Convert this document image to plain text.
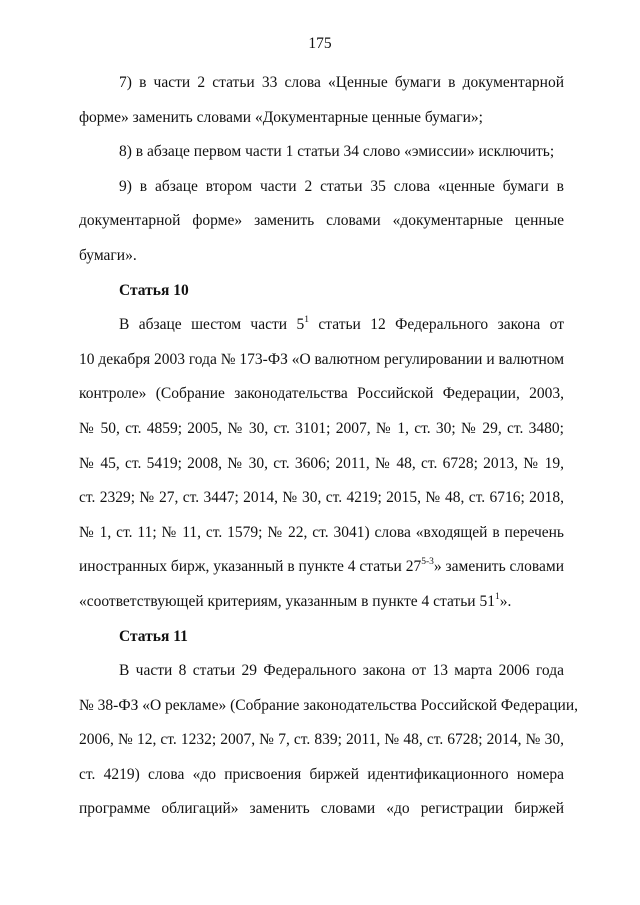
175
7) в части 2 статьи 33 слова «Ценные бумаги в документарной
форме» заменить словами «Документарные ценные бумаги»;
8) в абзаце первом части 1 статьи 34 слово «эмиссии» исключить;
9) в абзаце втором части 2 статьи 35 слова «ценные бумаги в
документарной форме» заменить словами «документарные ценные
бумаги».
Статья 10
В абзаце шестом части $5^1$ статьи 12 Федерального закона от
10 декабря 2003 года № 173-ФЗ «О валютном регулировании и валютном
контроле» (Собрание законодательства Российской Федерации, 2003,
№ 50, ст. 4859; 2005, № 30, ст. 3101; 2007, № 1, ст. 30; № 29, ст. 3480;
№ 45, ст. 5419; 2008, № 30, ст. 3606; 2011, № 48, ст. 6728; 2013, № 19,
ст. 2329; № 27, ст. 3447; 2014, № 30, ст. 4219; 2015, № 48, ст. 6716; 2018,
№ 1, ст. 11; № 11, ст. 1579; № 22, ст. 3041) слова «входящей в перечень
иностранных бирж, указанный в пункте 4 статьи 27$^{5-3}$» заменить словами
«соответствующей критериям, указанным в пункте 4 статьи $51^1$».
Статья 11
В части 8 статьи 29 Федерального закона от 13 марта 2006 года
№ 38-ФЗ «О рекламе» (Собрание законодательства Российской Федерации,
2006, № 12, ст. 1232; 2007, № 7, ст. 839; 2011, № 48, ст. 6728; 2014, № 30,
ст. 4219) слова «до присвоения биржей идентификационного номера
программе облигаций» заменить словами «до регистрации биржей
